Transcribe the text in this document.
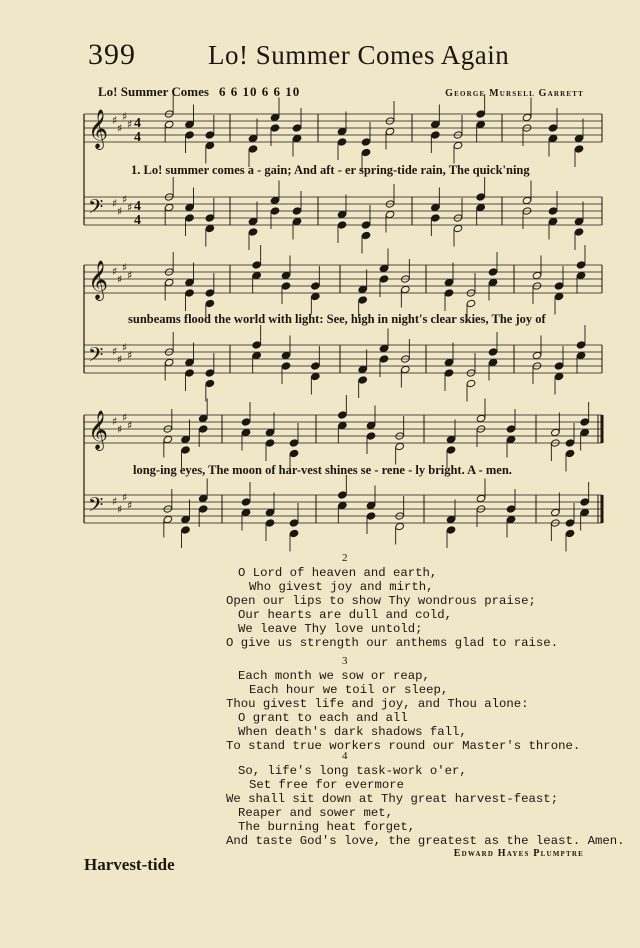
399	Lo! Summer Comes Again
Lo! Summer Comes 6 6 10 6 6 10	George Mursell Garrett
𝄞 ♯
♯
♯
♯ 4
4
𝄢 ♯
♯
♯
♯ 4
4
𝄞 ♯
♯
♯
♯
𝄢 ♯
♯
♯
♯
𝄞 ♯
♯
♯
♯
𝄢 ♯
♯
♯
♯
1. Lo! summer comes a - gain; And aft - er spring-tide rain, The quick'ning
sunbeams flood the world with light: See, high in night's clear skies, The joy of
long-ing eyes, The moon of har-vest shines se - rene - ly bright. A - men.
2
O Lord of heaven and earth,
Who givest joy and mirth,
Open our lips to show Thy wondrous praise;
Our hearts are dull and cold,
We leave Thy love untold;
O give us strength our anthems glad to raise.
3
Each month we sow or reap,
Each hour we toil or sleep,
Thou givest life and joy, and Thou alone:
O grant to each and all
When death's dark shadows fall,
To stand true workers round our Master's throne.
4
So, life's long task-work o'er,
Set free for evermore
We shall sit down at Thy great harvest-feast;
Reaper and sower met,
The burning heat forget,
And taste God's love, the greatest as the least. Amen.
Edward Hayes Plumptre
Harvest-tide
